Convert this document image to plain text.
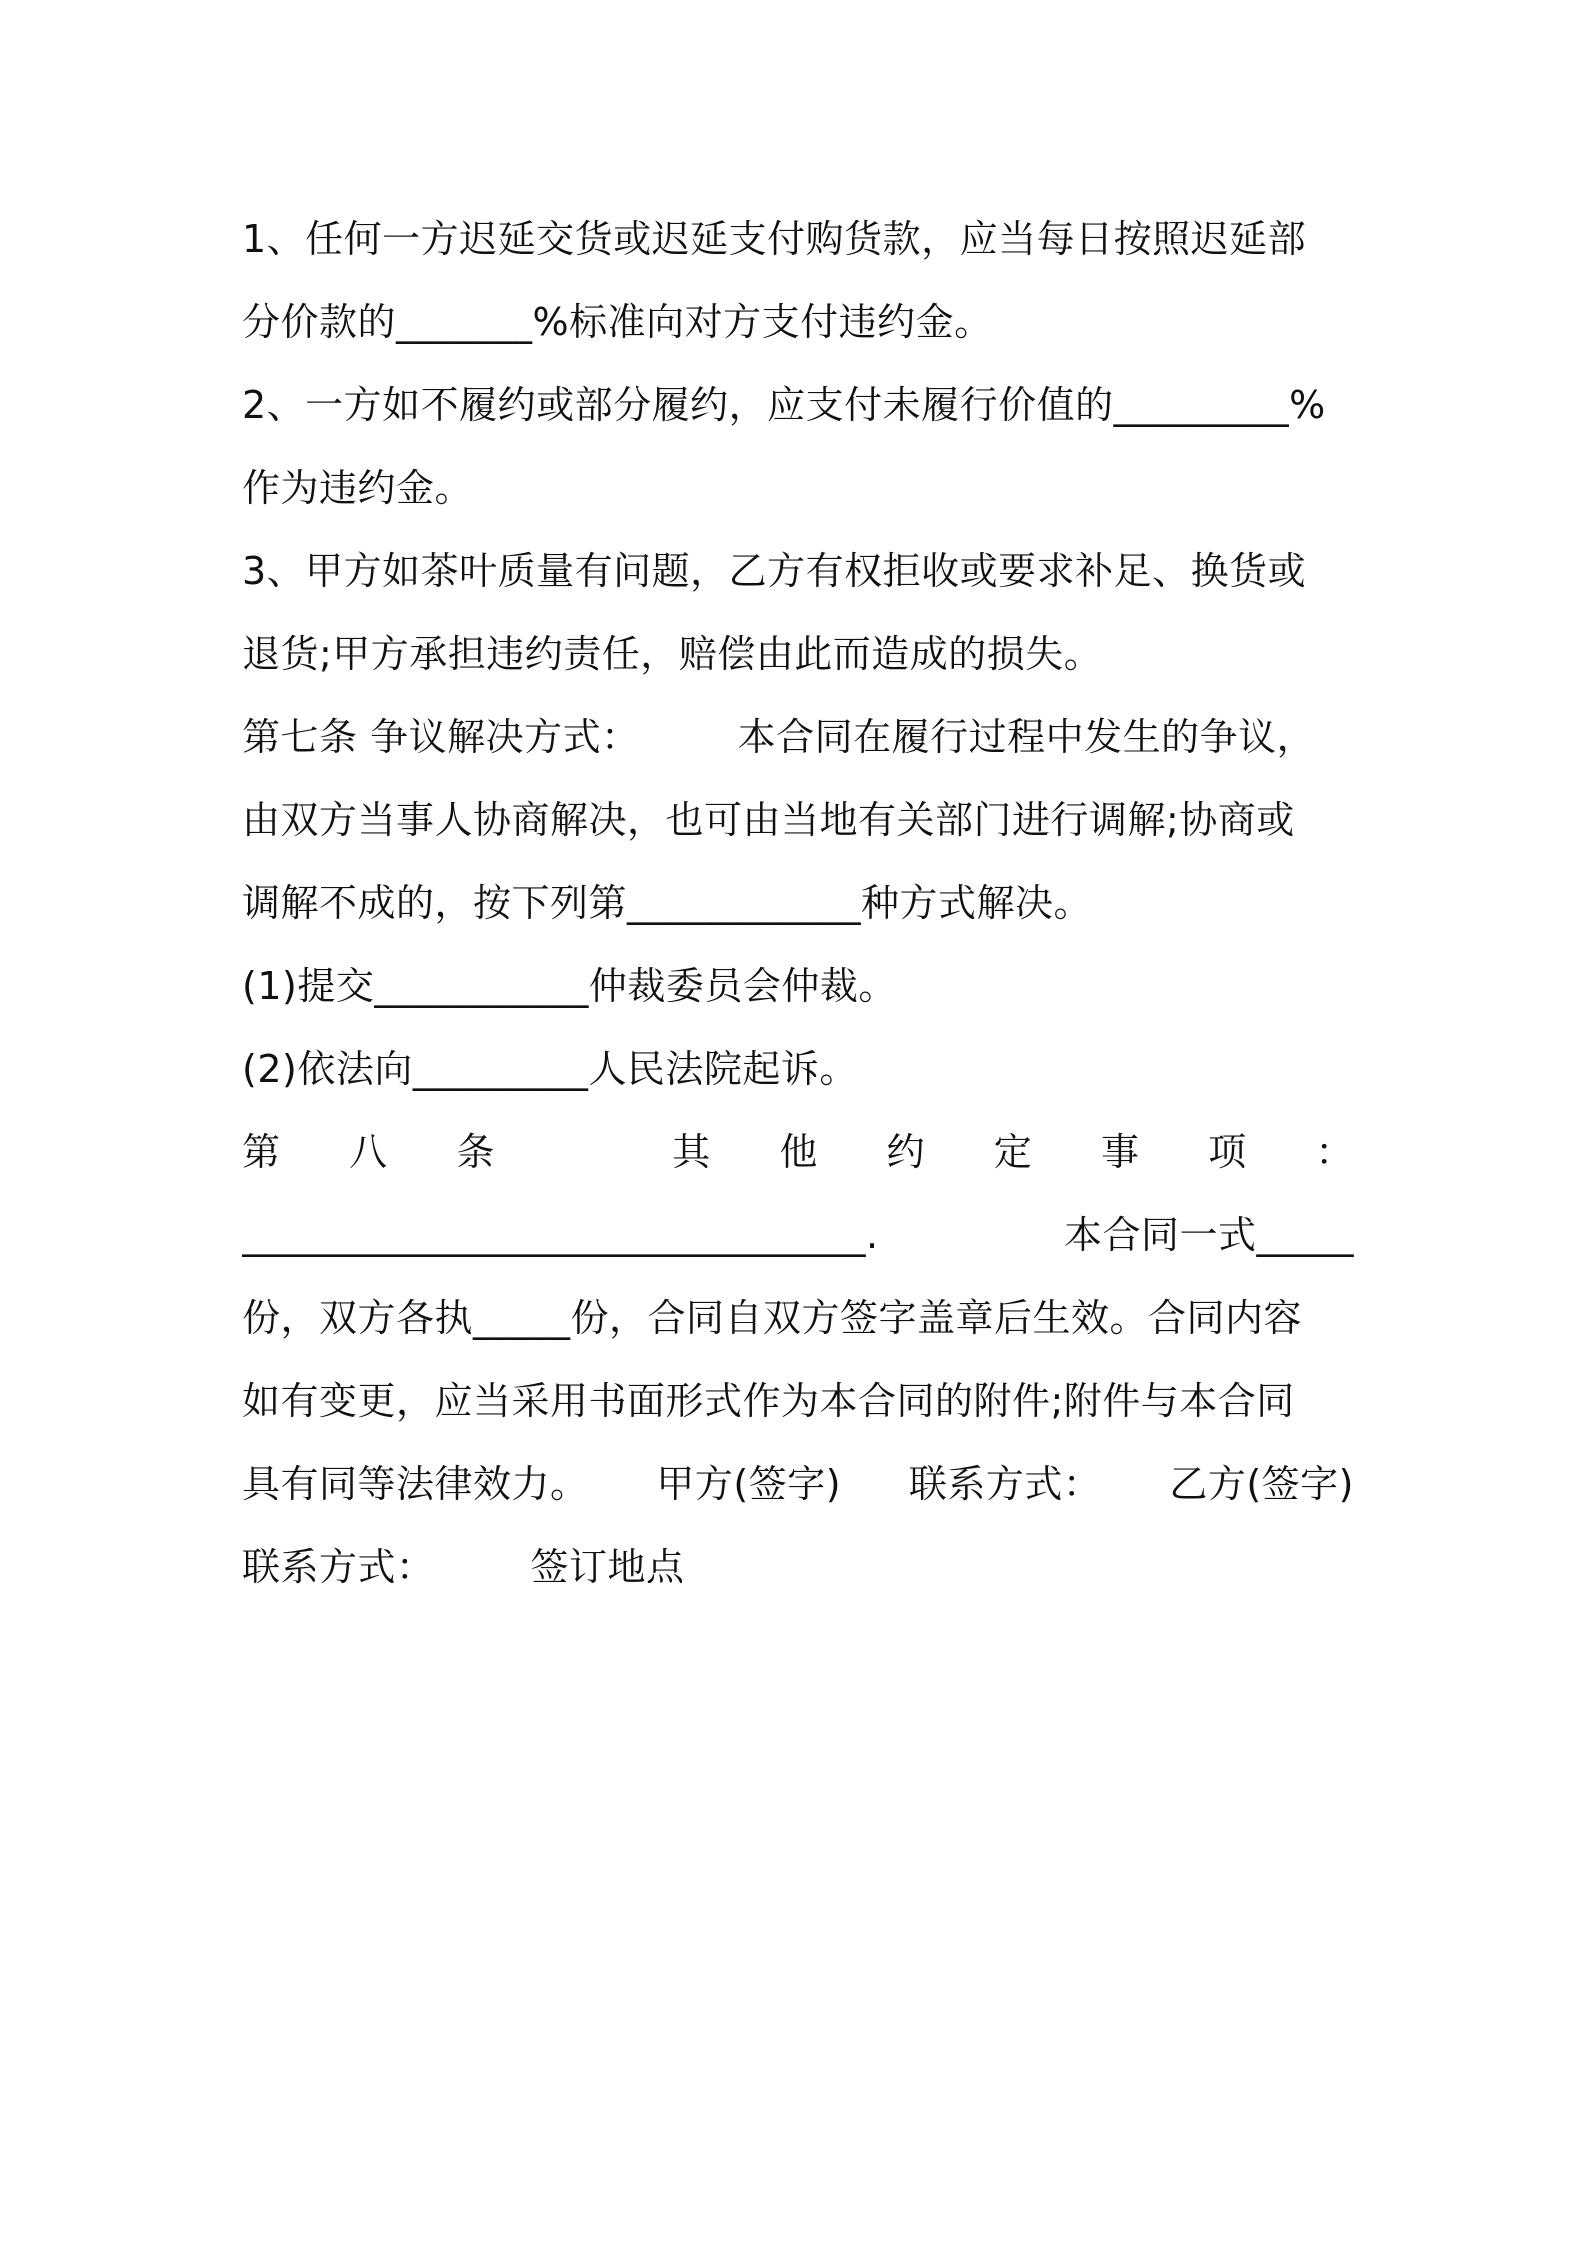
1、任何一方迟延交货或迟延支付购货款，应当每日按照迟延部
分价款的_______%标准向对方支付违约金。
2、一方如不履约或部分履约，应支付未履行价值的_________%
作为违约金。
3、甲方如茶叶质量有问题，乙方有权拒收或要求补足、换货或
退货;甲方承担违约责任，赔偿由此而造成的损失。
第七条 争议解决方式：	本合同在履行过程中发生的争议，
由双方当事人协商解决，也可由当地有关部门进行调解;协商或
调解不成的，按下列第____________种方式解决。
(1)提交___________仲裁委员会仲裁。
(2)依法向_________人民法院起诉。
第 八 条	其 他 约 定 事 项 ：
________________________________.	本合同一式_____
份，双方各执_____份，合同自双方签字盖章后生效。合同内容
如有变更，应当采用书面形式作为本合同的附件;附件与本合同
具有同等法律效力。 甲方(签字) 联系方式： 乙方(签字)
联系方式：	签订地点
